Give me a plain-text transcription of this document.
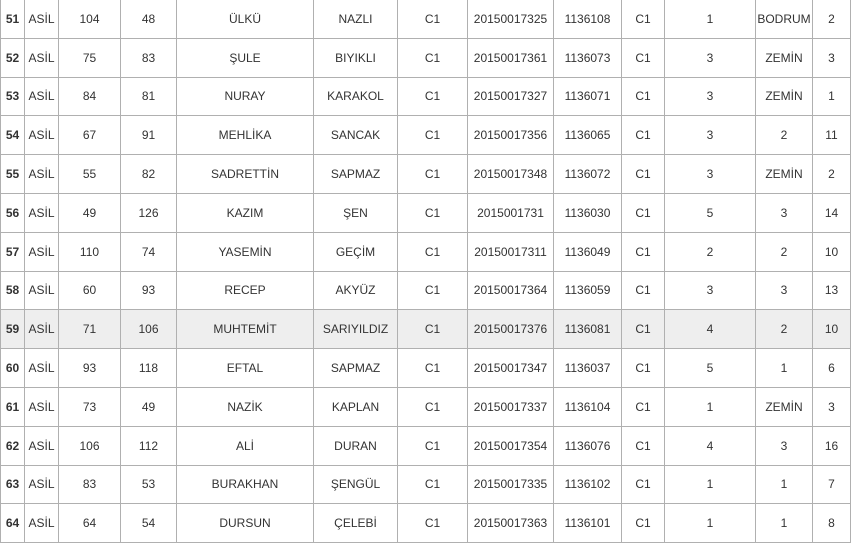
51	ASİL	104	48	ÜLKÜ	NAZLI	C1	20150017325	1136108	C1	1	BODRUM	2
52	ASİL	75	83	ŞULE	BIYIKLI	C1	20150017361	1136073	C1	3	ZEMİN	3
53	ASİL	84	81	NURAY	KARAKOL	C1	20150017327	1136071	C1	3	ZEMİN	1
54	ASİL	67	91	MEHLİKA	SANCAK	C1	20150017356	1136065	C1	3	2	11
55	ASİL	55	82	SADRETTİN	SAPMAZ	C1	20150017348	1136072	C1	3	ZEMİN	2
56	ASİL	49	126	KAZIM	ŞEN	C1	2015001731	1136030	C1	5	3	14
57	ASİL	110	74	YASEMİN	GEÇİM	C1	20150017311	1136049	C1	2	2	10
58	ASİL	60	93	RECEP	AKYÜZ	C1	20150017364	1136059	C1	3	3	13
59	ASİL	71	106	MUHTEMİT	SARIYILDIZ	C1	20150017376	1136081	C1	4	2	10
60	ASİL	93	118	EFTAL	SAPMAZ	C1	20150017347	1136037	C1	5	1	6
61	ASİL	73	49	NAZİK	KAPLAN	C1	20150017337	1136104	C1	1	ZEMİN	3
62	ASİL	106	112	ALİ	DURAN	C1	20150017354	1136076	C1	4	3	16
63	ASİL	83	53	BURAKHAN	ŞENGÜL	C1	20150017335	1136102	C1	1	1	7
64	ASİL	64	54	DURSUN	ÇELEBİ	C1	20150017363	1136101	C1	1	1	8
